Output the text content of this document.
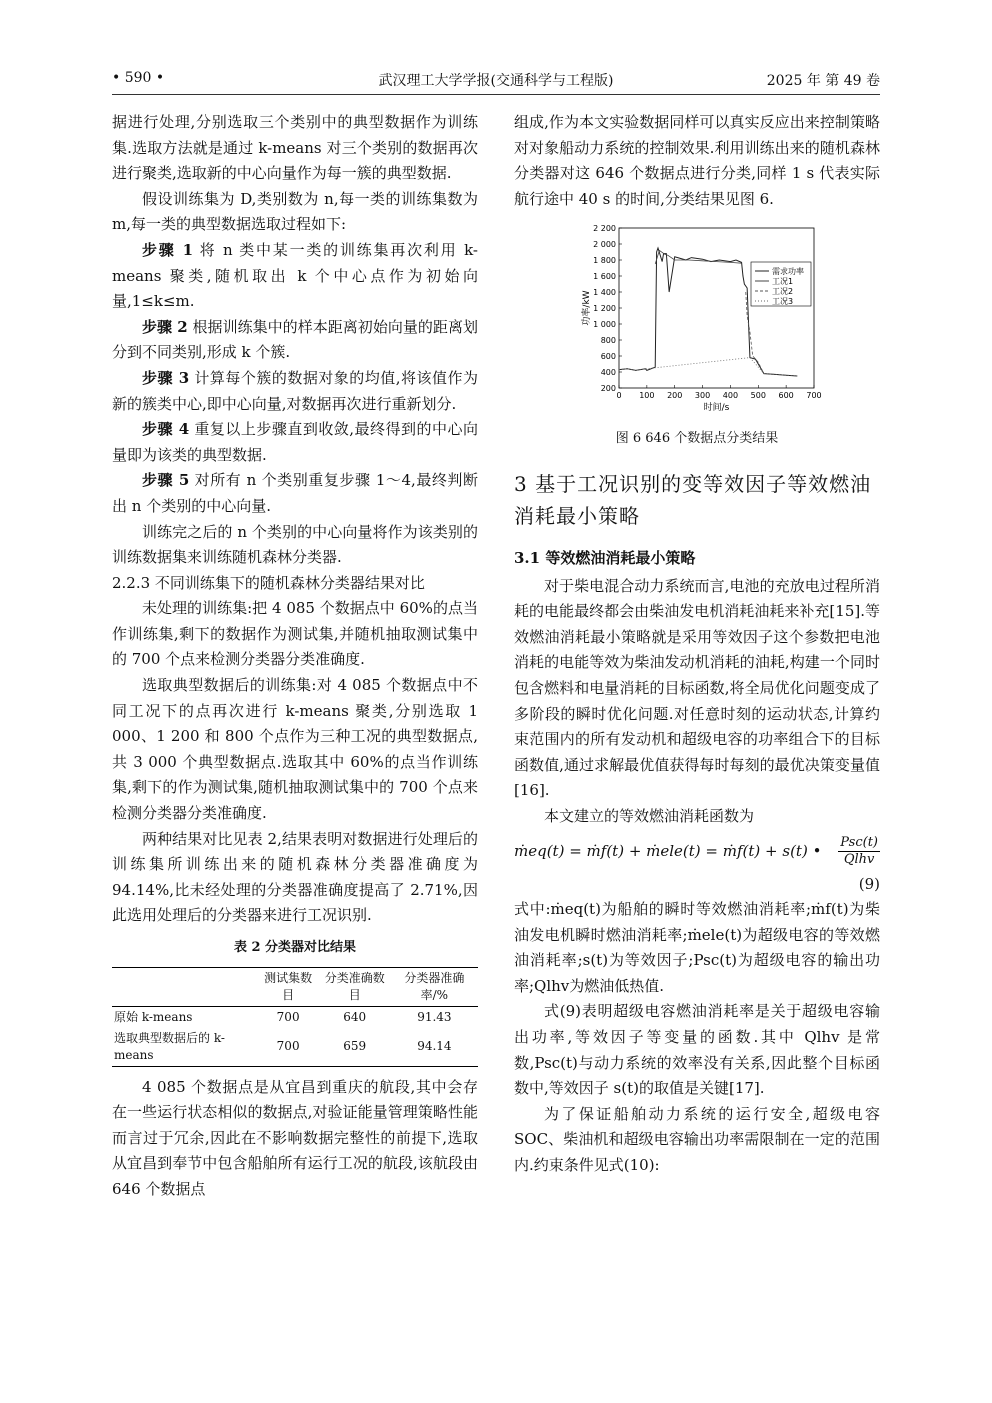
• 590 •	武汉理工大学学报(交通科学与工程版)	2025 年 第 49 卷

据进行处理,分别选取三个类别中的典型数据作为训练集.选取方法就是通过 k-means 对三个类别的数据再次进行聚类,选取新的中心向量作为每一簇的典型数据.

假设训练集为 D,类别数为 n,每一类的训练集数为 m,每一类的典型数据选取过程如下:

步骤 1 将 n 类中某一类的训练集再次利用 k-means 聚类,随机取出 k 个中心点作为初始向量,1≤k≤m.

步骤 2 根据训练集中的样本距离初始向量的距离划分到不同类别,形成 k 个簇.

步骤 3 计算每个簇的数据对象的均值,将该值作为新的簇类中心,即中心向量,对数据再次进行重新划分.

步骤 4 重复以上步骤直到收敛,最终得到的中心向量即为该类的典型数据.

步骤 5 对所有 n 个类别重复步骤 1～4,最终判断出 n 个类别的中心向量.

训练完之后的 n 个类别的中心向量将作为该类别的训练数据集来训练随机森林分类器.

2.2.3 不同训练集下的随机森林分类器结果对比

未处理的训练集:把 4 085 个数据点中 60%的点当作训练集,剩下的数据作为测试集,并随机抽取测试集中的 700 个点来检测分类器分类准确度.

选取典型数据后的训练集:对 4 085 个数据点中不同工况下的点再次进行 k-means 聚类,分别选取 1 000、1 200 和 800 个点作为三种工况的典型数据点,共 3 000 个典型数据点.选取其中 60%的点当作训练集,剩下的作为测试集,随机抽取测试集中的 700 个点来检测分类器分类准确度.

两种结果对比见表 2,结果表明对数据进行处理后的训练集所训练出来的随机森林分类器准确度为 94.14%,比未经处理的分类器准确度提高了 2.71%,因此选用处理后的分类器来进行工况识别.

表 2 分类器对比结果
	测试集数目	分类准确数目	分类器准确率/%
原始 k-means	700	640	91.43
选取典型数据后的 k-means	700	659	94.14

4 085 个数据点是从宜昌到重庆的航段,其中会存在一些运行状态相似的数据点,对验证能量管理策略性能而言过于冗余,因此在不影响数据完整性的前提下,选取从宜昌到奉节中包含船舶所有运行工况的航段,该航段由 646 个数据点

组成,作为本文实验数据同样可以真实反应出来控制策略对对象船动力系统的控制效果.利用训练出来的随机森林分类器对这 646 个数据点进行分类,同样 1 s 代表实际航行途中 40 s 的时间,分类结果见图 6.

200
400
600
800
1 000
1 200
1 400
1 600
1 800
2 000
2 200
0 100 200 300 400 500 600 700
时间/s
功率/kW
需求功率
工况1
工况2
工况3
图 6 646 个数据点分类结果
3 基于工况识别的变等效因子等效燃油消耗最小策略
3.1 等效燃油消耗最小策略

对于柴电混合动力系统而言,电池的充放电过程所消耗的电能最终都会由柴油发电机消耗油耗来补充[15].等效燃油消耗最小策略就是采用等效因子这个参数把电池消耗的电能等效为柴油发动机消耗的油耗,构建一个同时包含燃料和电量消耗的目标函数,将全局优化问题变成了多阶段的瞬时优化问题.对任意时刻的运动状态,计算约束范围内的所有发动机和超级电容的功率组合下的目标函数值,通过求解最优值获得每时每刻的最优决策变量值[16].

本文建立的等效燃油消耗函数为

ṁeq(t) = ṁf(t) + ṁele(t) = ṁf(t) + s(t) • $\frac{\text{Psc(t)}}{\text{Qlhv}}$
(9)

式中:ṁeq(t)为船舶的瞬时等效燃油消耗率;ṁf(t)为柴油发电机瞬时燃油消耗率;ṁele(t)为超级电容的等效燃油消耗率;s(t)为等效因子;Psc(t)为超级电容的输出功率;Qlhv为燃油低热值.

式(9)表明超级电容燃油消耗率是关于超级电容输出功率,等效因子等变量的函数.其中 Qlhv 是常数,Psc(t)与动力系统的效率没有关系,因此整个目标函数中,等效因子 s(t)的取值是关键[17].

为了保证船舶动力系统的运行安全,超级电容 SOC、柴油机和超级电容输出功率需限制在一定的范围内.约束条件见式(10):
